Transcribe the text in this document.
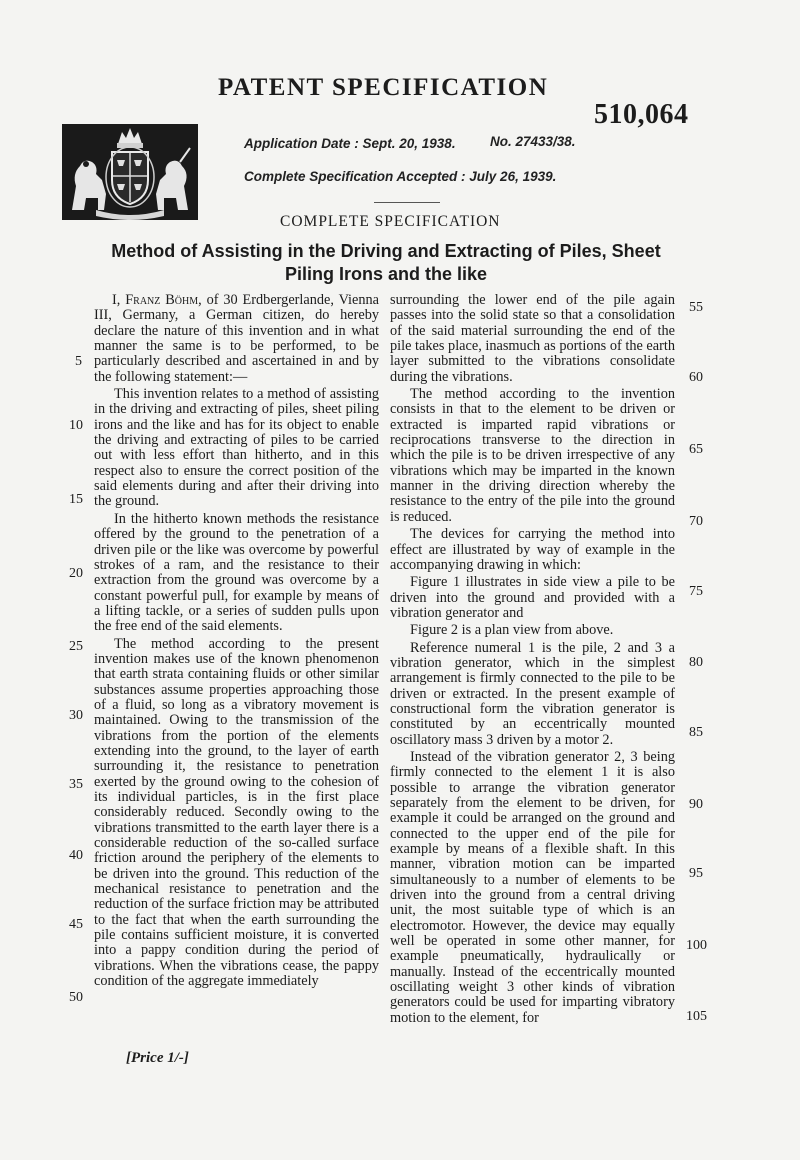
PATENT SPECIFICATION
510,064
Application Date : Sept. 20, 1938.	No. 27433/38.
Complete Specification Accepted : July 26, 1939.
COMPLETE SPECIFICATION
Method of Assisting in the Driving and Extracting of Piles, Sheet
Piling Irons and the like

I, Franz Böhm, of 30 Erdbergerlande, Vienna III, Germany, a German citizen, do hereby declare the nature of this invention and in what manner the same is to be performed, to be particularly described and ascertained in and by the following statement:—

This invention relates to a method of assisting in the driving and extracting of piles, sheet piling irons and the like and has for its object to enable the driving and extracting of piles to be carried out with less effort than hitherto, and in this respect also to ensure the correct position of the said elements during and after their driving into the ground.

In the hitherto known methods the resistance offered by the ground to the penetration of a driven pile or the like was overcome by powerful strokes of a ram, and the resistance to their extraction from the ground was overcome by a constant powerful pull, for example by means of a lifting tackle, or a series of sudden pulls upon the free end of the said elements.

The method according to the present invention makes use of the known phenomenon that earth strata containing fluids or other similar substances assume properties approaching those of a fluid, so long as a vibratory movement is maintained. Owing to the transmission of the vibrations from the portion of the elements extending into the ground, to the layer of earth surrounding it, the resistance to penetration exerted by the ground owing to the cohesion of its individual particles, is in the first place considerably reduced. Secondly owing to the vibrations transmitted to the earth layer there is a considerable reduction of the so-called surface friction around the periphery of the elements to be driven into the ground. This reduction of the mechanical resistance to penetration and the reduction of the surface friction may be attributed to the fact that when the earth surrounding the pile contains sufficient moisture, it is converted into a pappy condition during the period of vibrations. When the vibrations cease, the pappy condition of the aggregate immediately

5
10
15
20
25
30
35
40
45
50

surrounding the lower end of the pile again passes into the solid state so that a consolidation of the said material surrounding the end of the pile takes place, inasmuch as portions of the earth layer submitted to the vibrations consolidate during the vibrations.

The method according to the invention consists in that to the element to be driven or extracted is imparted rapid vibrations or reciprocations transverse to the direction in which the pile is to be driven irrespective of any vibrations which may be imparted in the known manner in the driving direction whereby the resistance to the entry of the pile into the ground is reduced.

The devices for carrying the method into effect are illustrated by way of example in the accompanying drawing in which:

Figure 1 illustrates in side view a pile to be driven into the ground and provided with a vibration generator and

Figure 2 is a plan view from above.

Reference numeral 1 is the pile, 2 and 3 a vibration generator, which in the simplest arrangement is firmly connected to the pile to be driven or extracted. In the present example of constructional form the vibration generator is constituted by an eccentrically mounted oscillatory mass 3 driven by a motor 2.

Instead of the vibration generator 2, 3 being firmly connected to the element 1 it is also possible to arrange the vibration generator separately from the element to be driven, for example it could be arranged on the ground and connected to the upper end of the pile for example by means of a flexible shaft. In this manner, vibration motion can be imparted simultaneously to a number of elements to be driven into the ground from a central driving unit, the most suitable type of which is an electromotor. However, the device may equally well be operated in some other manner, for example pneumatically, hydraulically or manually. Instead of the eccentrically mounted oscillating weight 3 other kinds of vibration generators could be used for imparting vibratory motion to the element, for

55
60
65
70
75
80
85
90
95
100
105
[Price 1/-]
